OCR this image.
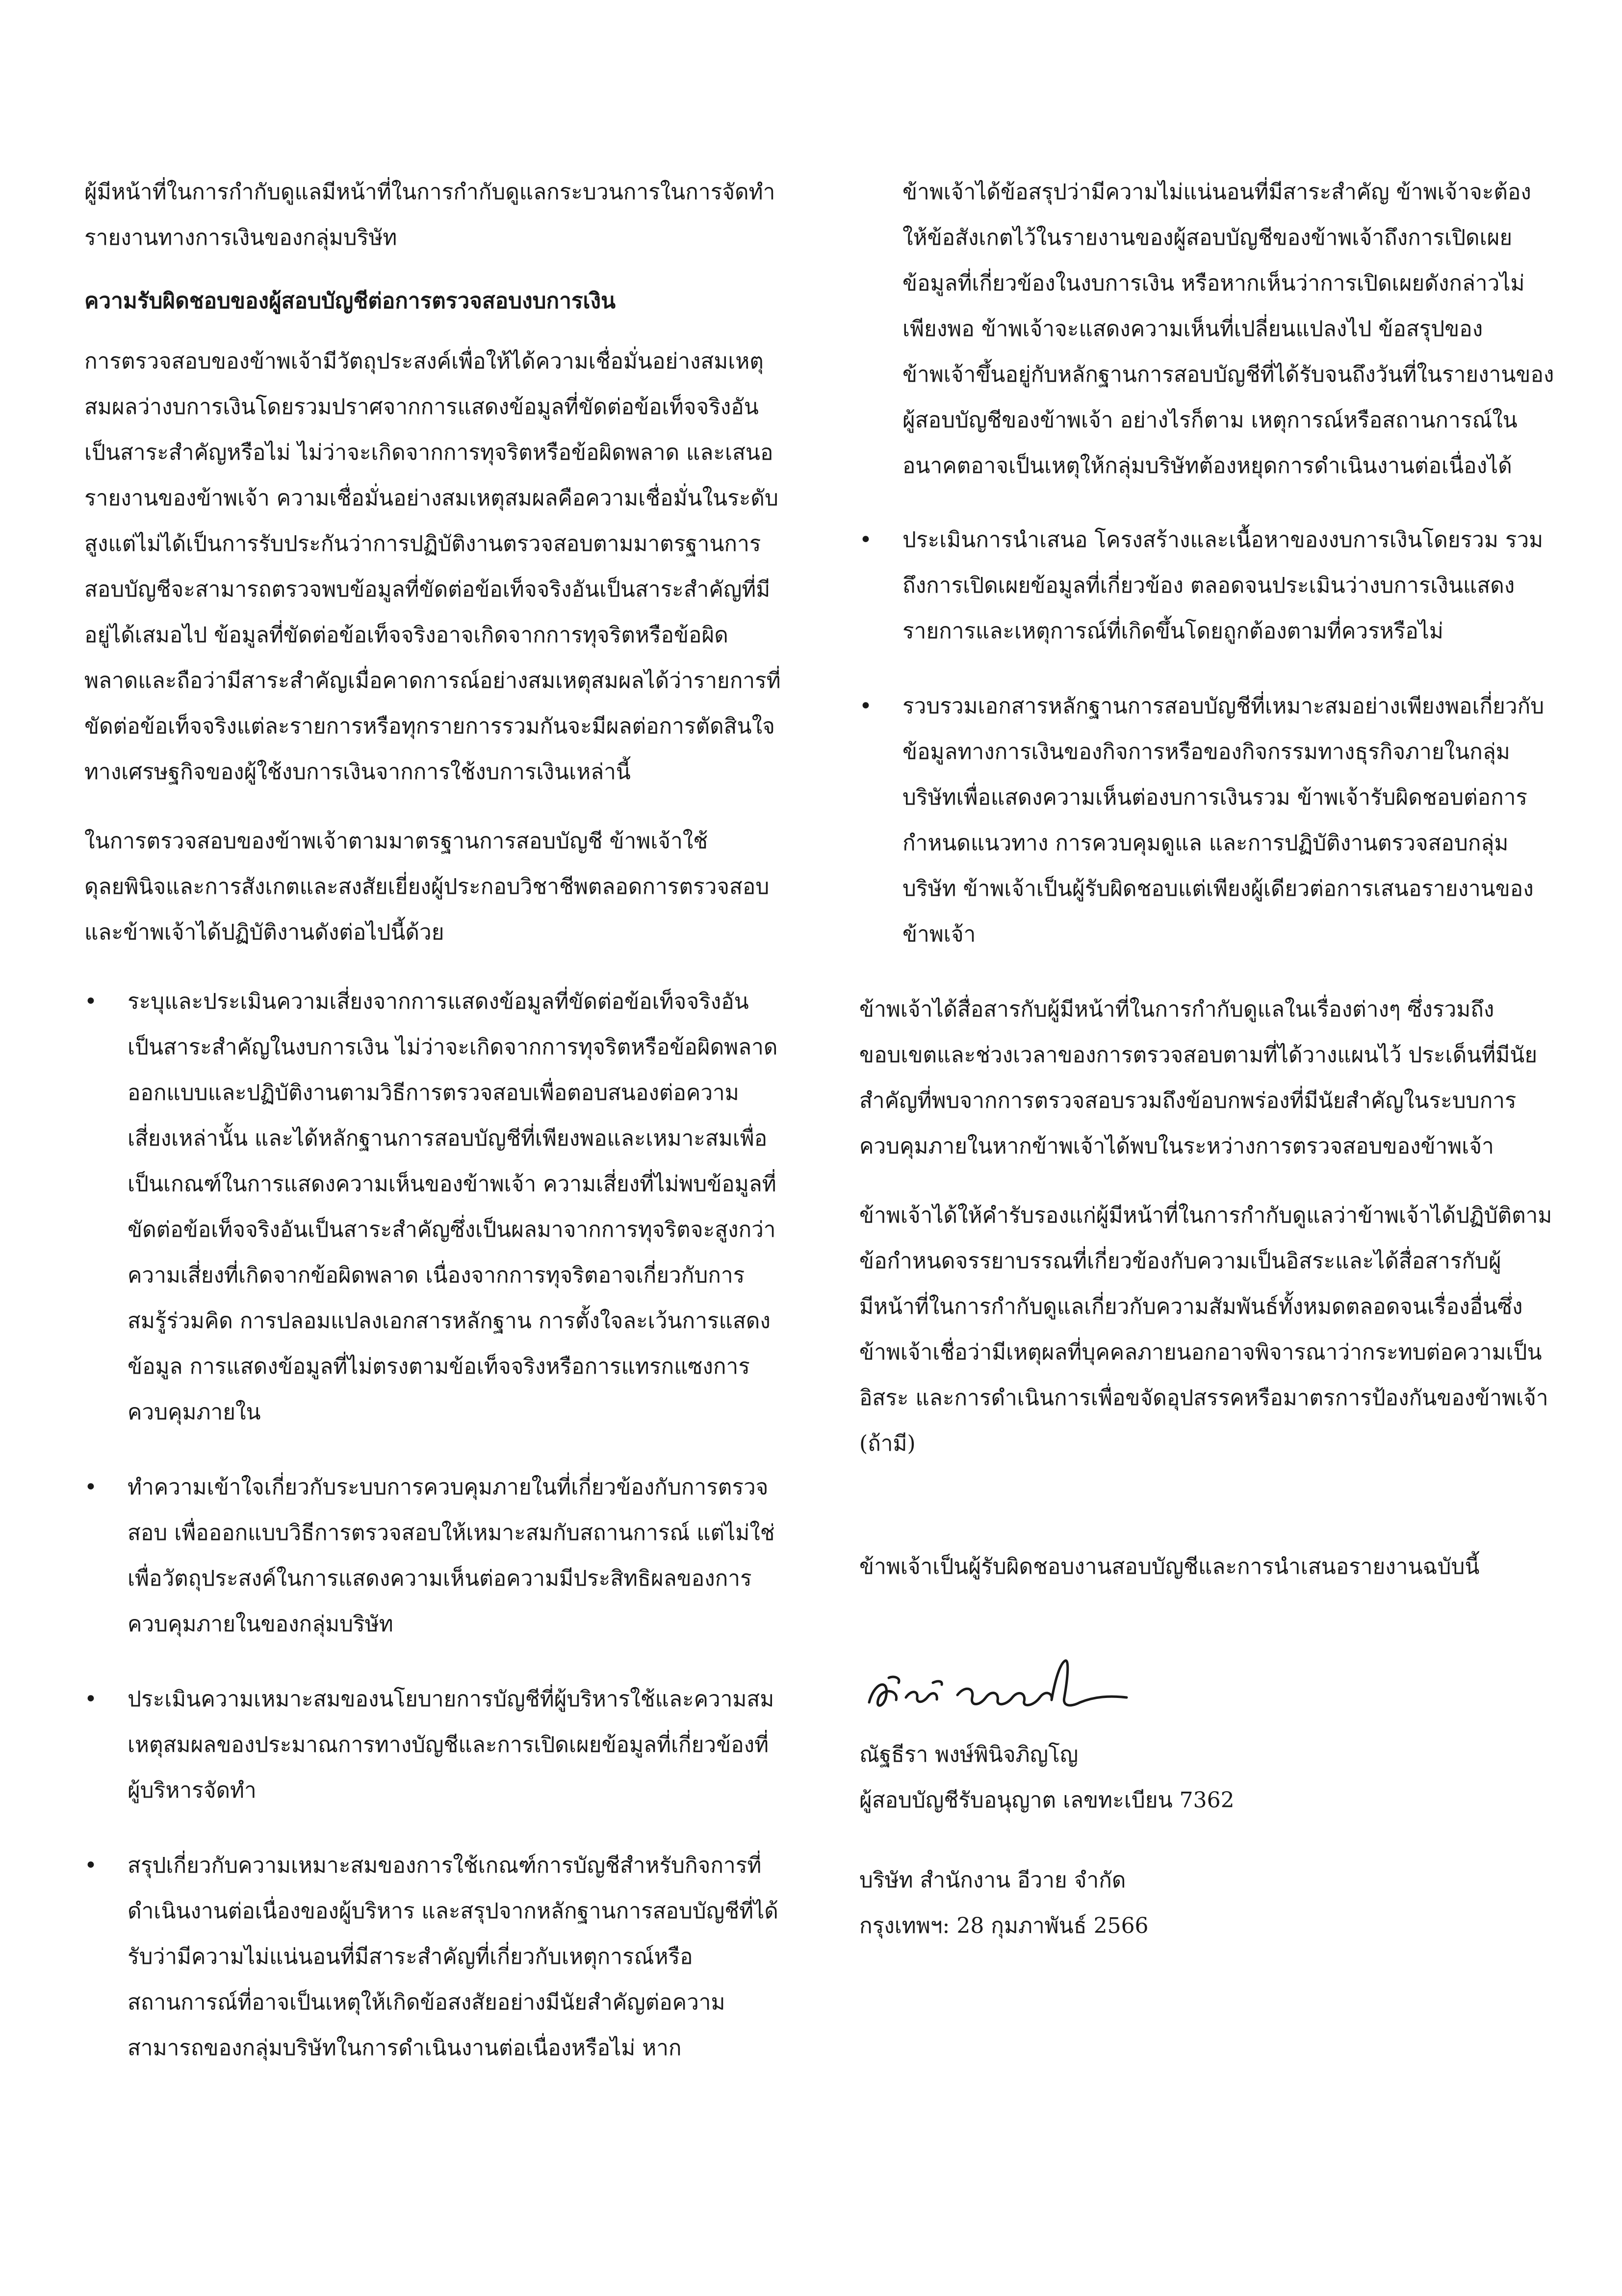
ผู้มีหน้าที่ในการกำกับดูแลมีหน้าที่ในการกำกับดูแลกระบวนการในการจัดทำรายงานทางการเงินของกลุ่มบริษัท

ความรับผิดชอบของผู้สอบบัญชีต่อการตรวจสอบงบการเงิน

การตรวจสอบของข้าพเจ้ามีวัตถุประสงค์เพื่อให้ได้ความเชื่อมั่นอย่างสมเหตุสมผลว่างบการเงินโดยรวมปราศจากการแสดงข้อมูลที่ขัดต่อข้อเท็จจริงอันเป็นสาระสำคัญหรือไม่ ไม่ว่าจะเกิดจากการทุจริตหรือข้อผิดพลาด และเสนอรายงานของข้าพเจ้า ความเชื่อมั่นอย่างสมเหตุสมผลคือความเชื่อมั่นในระดับสูงแต่ไม่ได้เป็นการรับประกันว่าการปฏิบัติงานตรวจสอบตามมาตรฐานการสอบบัญชีจะสามารถตรวจพบข้อมูลที่ขัดต่อข้อเท็จจริงอันเป็นสาระสำคัญที่มีอยู่ได้เสมอไป ข้อมูลที่ขัดต่อข้อเท็จจริงอาจเกิดจากการทุจริตหรือข้อผิดพลาดและถือว่ามีสาระสำคัญเมื่อคาดการณ์อย่างสมเหตุสมผลได้ว่ารายการที่ขัดต่อข้อเท็จจริงแต่ละรายการหรือทุกรายการรวมกันจะมีผลต่อการตัดสินใจทางเศรษฐกิจของผู้ใช้งบการเงินจากการใช้งบการเงินเหล่านี้

ในการตรวจสอบของข้าพเจ้าตามมาตรฐานการสอบบัญชี ข้าพเจ้าใช้ดุลยพินิจและการสังเกตและสงสัยเยี่ยงผู้ประกอบวิชาชีพตลอดการตรวจสอบ และข้าพเจ้าได้ปฏิบัติงานดังต่อไปนี้ด้วย

•	ระบุและประเมินความเสี่ยงจากการแสดงข้อมูลที่ขัดต่อข้อเท็จจริงอันเป็นสาระสำคัญในงบการเงิน ไม่ว่าจะเกิดจากการทุจริตหรือข้อผิดพลาด ออกแบบและปฏิบัติงานตามวิธีการตรวจสอบเพื่อตอบสนองต่อความเสี่ยงเหล่านั้น และได้หลักฐานการสอบบัญชีที่เพียงพอและเหมาะสมเพื่อเป็นเกณฑ์ในการแสดงความเห็นของข้าพเจ้า ความเสี่ยงที่ไม่พบข้อมูลที่ขัดต่อข้อเท็จจริงอันเป็นสาระสำคัญซึ่งเป็นผลมาจากการทุจริตจะสูงกว่าความเสี่ยงที่เกิดจากข้อผิดพลาด เนื่องจากการทุจริตอาจเกี่ยวกับการสมรู้ร่วมคิด การปลอมแปลงเอกสารหลักฐาน การตั้งใจละเว้นการแสดงข้อมูล การแสดงข้อมูลที่ไม่ตรงตามข้อเท็จจริงหรือการแทรกแซงการควบคุมภายใน
•	ทำความเข้าใจเกี่ยวกับระบบการควบคุมภายในที่เกี่ยวข้องกับการตรวจสอบ เพื่อออกแบบวิธีการตรวจสอบให้เหมาะสมกับสถานการณ์ แต่ไม่ใช่เพื่อวัตถุประสงค์ในการแสดงความเห็นต่อความมีประสิทธิผลของการควบคุมภายในของกลุ่มบริษัท
•	ประเมินความเหมาะสมของนโยบายการบัญชีที่ผู้บริหารใช้และความสมเหตุสมผลของประมาณการทางบัญชีและการเปิดเผยข้อมูลที่เกี่ยวข้องที่ผู้บริหารจัดทำ
•	สรุปเกี่ยวกับความเหมาะสมของการใช้เกณฑ์การบัญชีสำหรับกิจการที่ดำเนินงานต่อเนื่องของผู้บริหาร และสรุปจากหลักฐานการสอบบัญชีที่ได้รับว่ามีความไม่แน่นอนที่มีสาระสำคัญที่เกี่ยวกับเหตุการณ์หรือสถานการณ์ที่อาจเป็นเหตุให้เกิดข้อสงสัยอย่างมีนัยสำคัญต่อความสามารถของกลุ่มบริษัทในการดำเนินงานต่อเนื่องหรือไม่ หาก

ข้าพเจ้าได้ข้อสรุปว่ามีความไม่แน่นอนที่มีสาระสำคัญ ข้าพเจ้าจะต้องให้ข้อสังเกตไว้ในรายงานของผู้สอบบัญชีของข้าพเจ้าถึงการเปิดเผยข้อมูลที่เกี่ยวข้องในงบการเงิน หรือหากเห็นว่าการเปิดเผยดังกล่าวไม่เพียงพอ ข้าพเจ้าจะแสดงความเห็นที่เปลี่ยนแปลงไป ข้อสรุปของข้าพเจ้าขึ้นอยู่กับหลักฐานการสอบบัญชีที่ได้รับจนถึงวันที่ในรายงานของผู้สอบบัญชีของข้าพเจ้า อย่างไรก็ตาม เหตุการณ์หรือสถานการณ์ในอนาคตอาจเป็นเหตุให้กลุ่มบริษัทต้องหยุดการดำเนินงานต่อเนื่องได้

•	ประเมินการนำเสนอ โครงสร้างและเนื้อหาของงบการเงินโดยรวม รวมถึงการเปิดเผยข้อมูลที่เกี่ยวข้อง ตลอดจนประเมินว่างบการเงินแสดงรายการและเหตุการณ์ที่เกิดขึ้นโดยถูกต้องตามที่ควรหรือไม่
•	รวบรวมเอกสารหลักฐานการสอบบัญชีที่เหมาะสมอย่างเพียงพอเกี่ยวกับข้อมูลทางการเงินของกิจการหรือของกิจกรรมทางธุรกิจภายในกลุ่มบริษัทเพื่อแสดงความเห็นต่องบการเงินรวม ข้าพเจ้ารับผิดชอบต่อการกำหนดแนวทาง การควบคุมดูแล และการปฏิบัติงานตรวจสอบกลุ่มบริษัท ข้าพเจ้าเป็นผู้รับผิดชอบแต่เพียงผู้เดียวต่อการเสนอรายงานของข้าพเจ้า

ข้าพเจ้าได้สื่อสารกับผู้มีหน้าที่ในการกำกับดูแลในเรื่องต่างๆ ซึ่งรวมถึงขอบเขตและช่วงเวลาของการตรวจสอบตามที่ได้วางแผนไว้ ประเด็นที่มีนัยสำคัญที่พบจากการตรวจสอบรวมถึงข้อบกพร่องที่มีนัยสำคัญในระบบการควบคุมภายในหากข้าพเจ้าได้พบในระหว่างการตรวจสอบของข้าพเจ้า

ข้าพเจ้าได้ให้คำรับรองแก่ผู้มีหน้าที่ในการกำกับดูแลว่าข้าพเจ้าได้ปฏิบัติตามข้อกำหนดจรรยาบรรณที่เกี่ยวข้องกับความเป็นอิสระและได้สื่อสารกับผู้มีหน้าที่ในการกำกับดูแลเกี่ยวกับความสัมพันธ์ทั้งหมดตลอดจนเรื่องอื่นซึ่งข้าพเจ้าเชื่อว่ามีเหตุผลที่บุคคลภายนอกอาจพิจารณาว่ากระทบต่อความเป็นอิสระ และการดำเนินการเพื่อขจัดอุปสรรคหรือมาตรการป้องกันของข้าพเจ้า (ถ้ามี)

ข้าพเจ้าเป็นผู้รับผิดชอบงานสอบบัญชีและการนำเสนอรายงานฉบับนี้

ณัฐธีรา พงษ์พินิจภิญโญ

ผู้สอบบัญชีรับอนุญาต เลขทะเบียน 7362

บริษัท สำนักงาน อีวาย จำกัด

กรุงเทพฯ: 28 กุมภาพันธ์ 2566
